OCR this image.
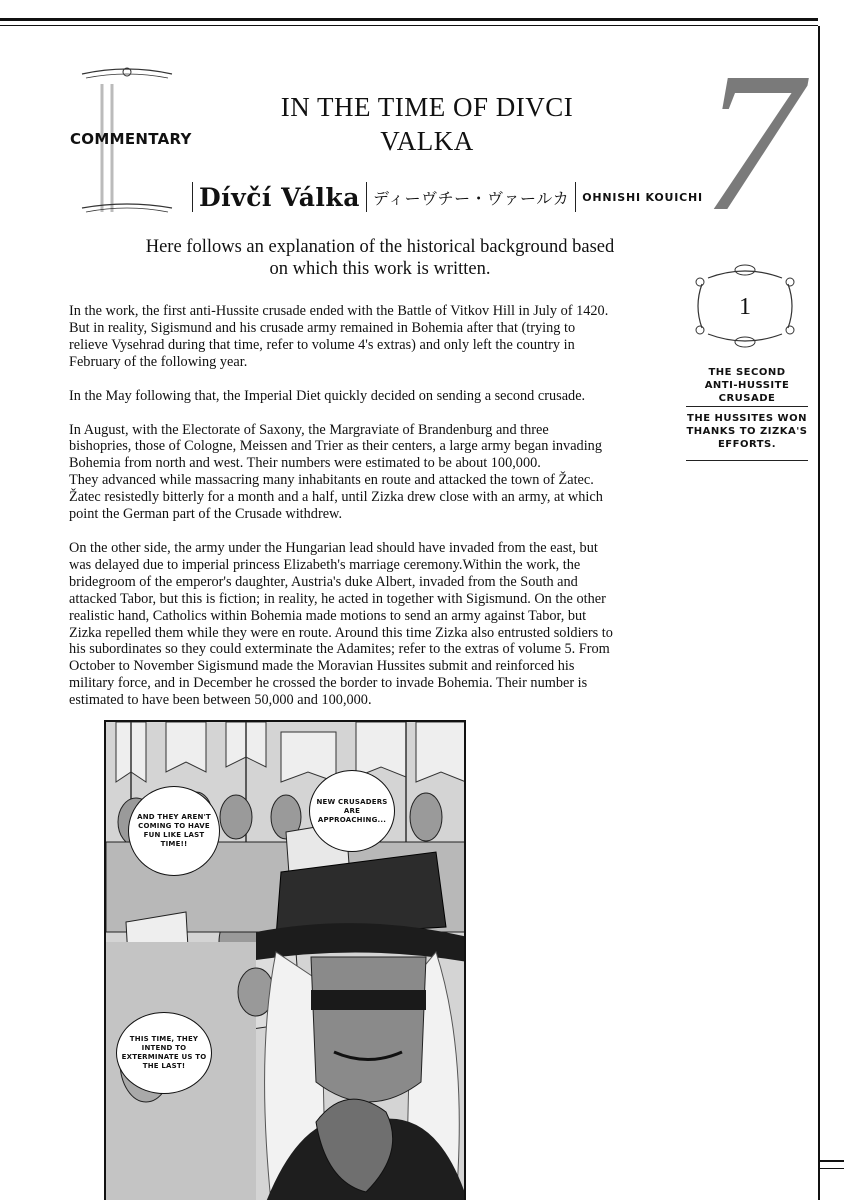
COMMENTARY
IN THE TIME OF DIVCI
VALKA	7
Dívčí Válka ディーヴチー・ヴァールカ OHNISHI KOUICHI
Here follows an explanation of the historical background based
on which this work is written.

In the work, the first anti-Hussite crusade ended with the Battle of Vitkov Hill in July of 1420.
But in reality, Sigismund and his crusade army remained in Bohemia after that (trying to
relieve Vysehrad during that time, refer to volume 4's extras) and only left the country in
February of the following year.

In the May following that, the Imperial Diet quickly decided on sending a second crusade.

In August, with the Electorate of Saxony, the Margraviate of Brandenburg and three
bishopries, those of Cologne, Meissen and Trier as their centers, a large army began invading
Bohemia from north and west. Their numbers were estimated to be about 100,000.
They advanced while massacring many inhabitants en route and attacked the town of Žatec.
Žatec resistedly bitterly for a month and a half, until Zizka drew close with an army, at which
point the German part of the Crusade withdrew.

On the other side, the army under the Hungarian lead should have invaded from the east, but
was delayed due to imperial princess Elizabeth's marriage ceremony.Within the work, the
bridegroom of the emperor's daughter, Austria's duke Albert, invaded from the South and
attacked Tabor, but this is fiction; in reality, he acted in together with Sigismund. On the other
realistic hand, Catholics within Bohemia made motions to send an army against Tabor, but
Zizka repelled them while they were en route. Around this time Zizka also entrusted soldiers to
his subordinates so they could exterminate the Adamites; refer to the extras of volume 5. From
October to November Sigismund made the Moravian Hussites submit and reinforced his
military force, and in December he crossed the border to invade Bohemia. Their number is
estimated to have been between 50,000 and 100,000.

1
THE SECOND
ANTI-HUSSITE
CRUSADE
THE HUSSITES WON
THANKS TO ZIZKA'S
EFFORTS.
NEW CRUSADERS
ARE
APPROACHING...
AND THEY AREN'T
COMING TO HAVE
FUN LIKE LAST TIME!!
THIS TIME, THEY
INTEND TO
EXTERMINATE US TO
THE LAST!
